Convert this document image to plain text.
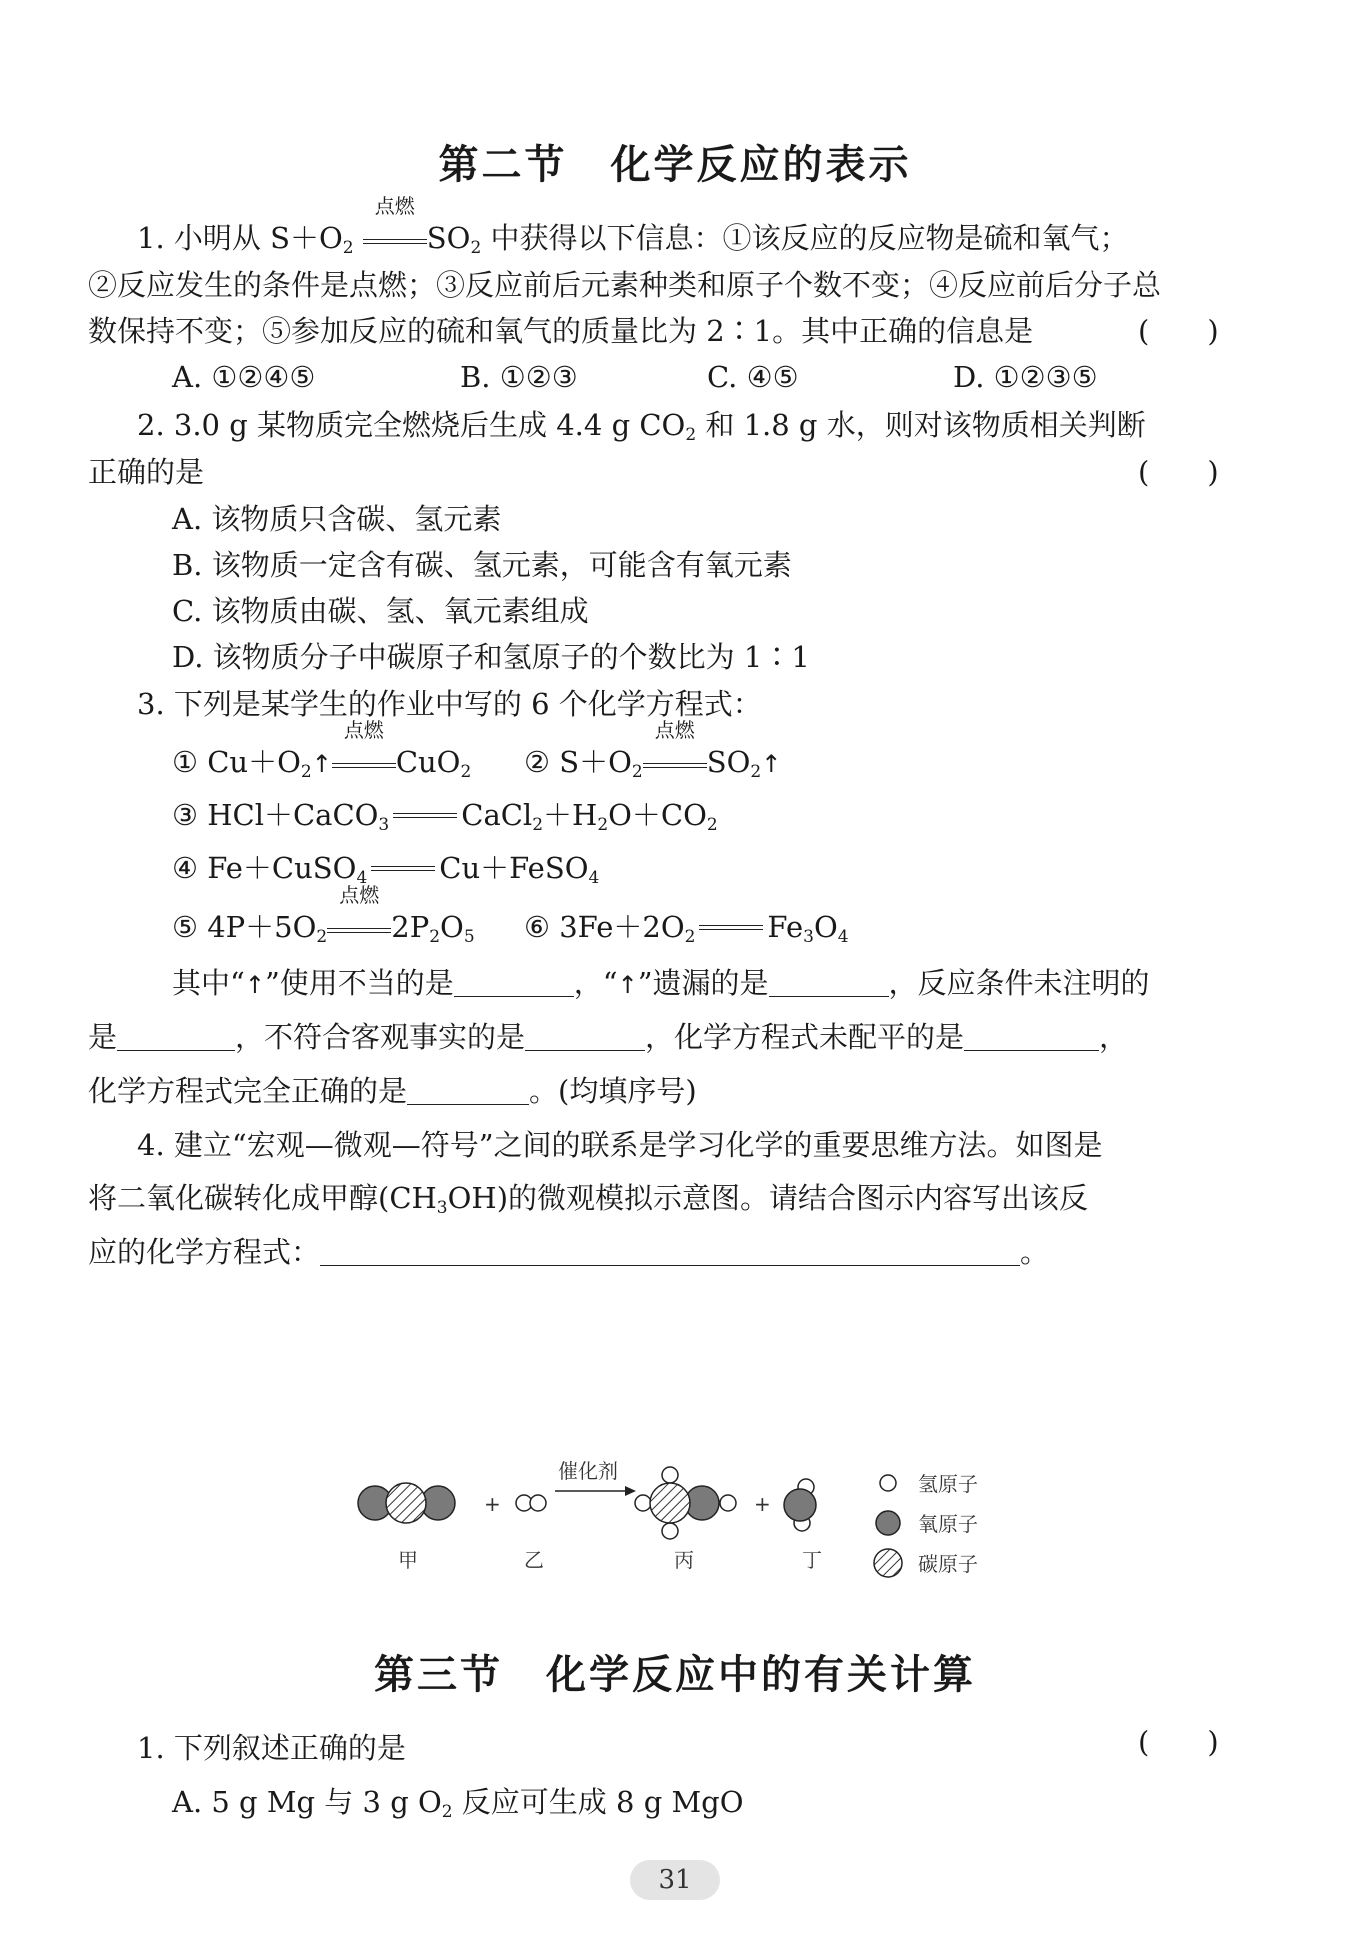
第二节　化学反应的表示
1. 小明从 $S+O_2$
点燃
$SO_2$ 中获得以下信息：①该反应的反应物是硫和氧气；
②反应发生的条件是点燃；③反应前后元素种类和原子个数不变；④反应前后分子总
数保持不变；⑤参加反应的硫和氧气的质量比为 2∶1。其中正确的信息是	(　　)
A. ①②④⑤	B. ①②③	C. ④⑤	D. ①②③⑤
2. 3.0 g 某物质完全燃烧后生成 4.4 g $CO_2$ 和 1.8 g 水，则对该物质相关判断
正确的是	(　　)
A. 该物质只含碳、氢元素
B. 该物质一定含有碳、氢元素，可能含有氧元素
C. 该物质由碳、氢、氧元素组成
D. 该物质分子中碳原子和氢原子的个数比为 1∶1
3. 下列是某学生的作业中写的 6 个化学方程式：
① $Cu+O_2↑$
点燃
CuO$_2$ ② $S+O_2$
点燃
$SO_2↑$
③ HCl＋CaCO$_3$ $CaCl_2+H_2O+CO_2$
④ Fe＋CuSO$_4$ Cu＋FeSO$_4$
⑤ $4P+5O_2$
点燃
$2P_2O_5$ ⑥ $3Fe+2O_2$ $Fe_3O_4$
其中“↑”使用不当的是	，“↑”遗漏的是	，反应条件未注明的
是	，不符合客观事实的是	，化学方程式未配平的是	，
化学方程式完全正确的是	。(均填序号)
4. 建立“宏观—微观—符号”之间的联系是学习化学的重要思维方法。如图是
将二氧化碳转化成甲醇$(CH_3OH)$的微观模拟示意图。请结合图示内容写出该反
应的化学方程式：	。
+
催化剂
+
甲	乙	丙	丁
氢原子
氧原子
碳原子
第三节　化学反应中的有关计算
1. 下列叙述正确的是	(　　)
A. 5 g Mg 与 3 g $O_2$ 反应可生成 8 g MgO
31
